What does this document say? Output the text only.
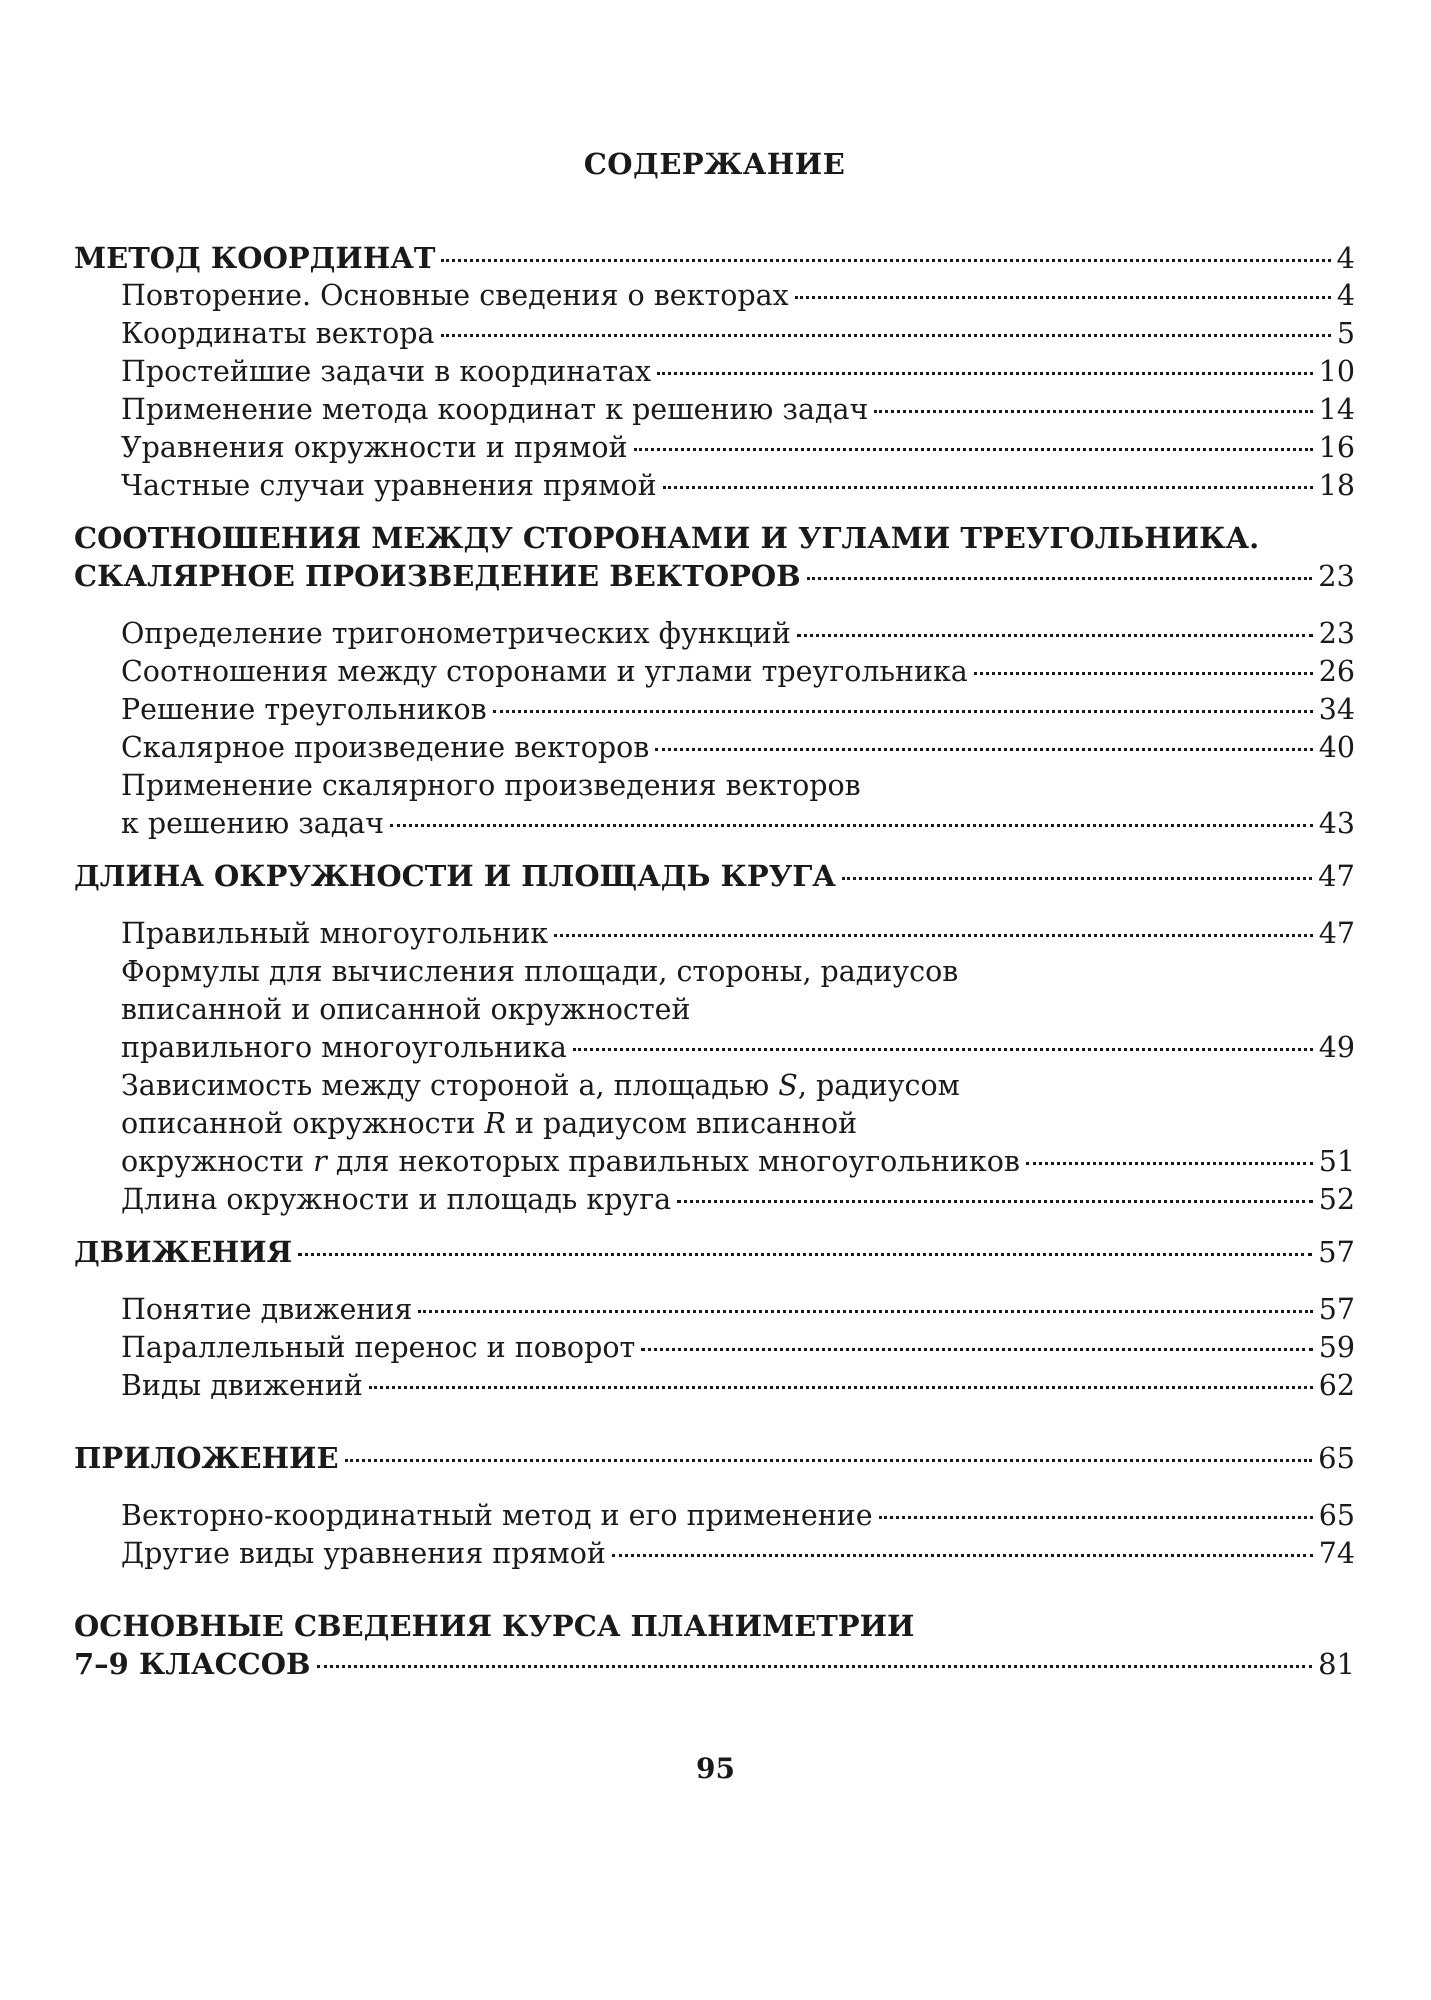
СОДЕРЖАНИЕ
МЕТОД КООРДИНАТ	4
Повторение. Основные сведения о векторах	4
Координаты вектора	5
Простейшие задачи в координатах	10
Применение метода координат к решению задач	14
Уравнения окружности и прямой	16
Частные случаи уравнения прямой	18
СООТНОШЕНИЯ МЕЖДУ СТОРОНАМИ И УГЛАМИ ТРЕУГОЛЬНИКА.
СКАЛЯРНОЕ ПРОИЗВЕДЕНИЕ ВЕКТОРОВ	23
Определение тригонометрических функций	23
Соотношения между сторонами и углами треугольника	26
Решение треугольников	34
Скалярное произведение векторов	40
Применение скалярного произведения векторов
к решению задач	43
ДЛИНА ОКРУЖНОСТИ И ПЛОЩАДЬ КРУГА	47
Правильный многоугольник	47
Формулы для вычисления площади, стороны, радиусов
вписанной и описанной окружностей
правильного многоугольника	49
Зависимость между стороной а, площадью S, радиусом
описанной окружности R и радиусом вписанной
окружности r для некоторых правильных многоугольников	51
Длина окружности и площадь круга	52
ДВИЖЕНИЯ	57
Понятие движения	57
Параллельный перенос и поворот	59
Виды движений	62
ПРИЛОЖЕНИЕ	65
Векторно-координатный метод и его применение	65
Другие виды уравнения прямой	74
ОСНОВНЫЕ СВЕДЕНИЯ КУРСА ПЛАНИМЕТРИИ
7–9 КЛАССОВ	81
95
